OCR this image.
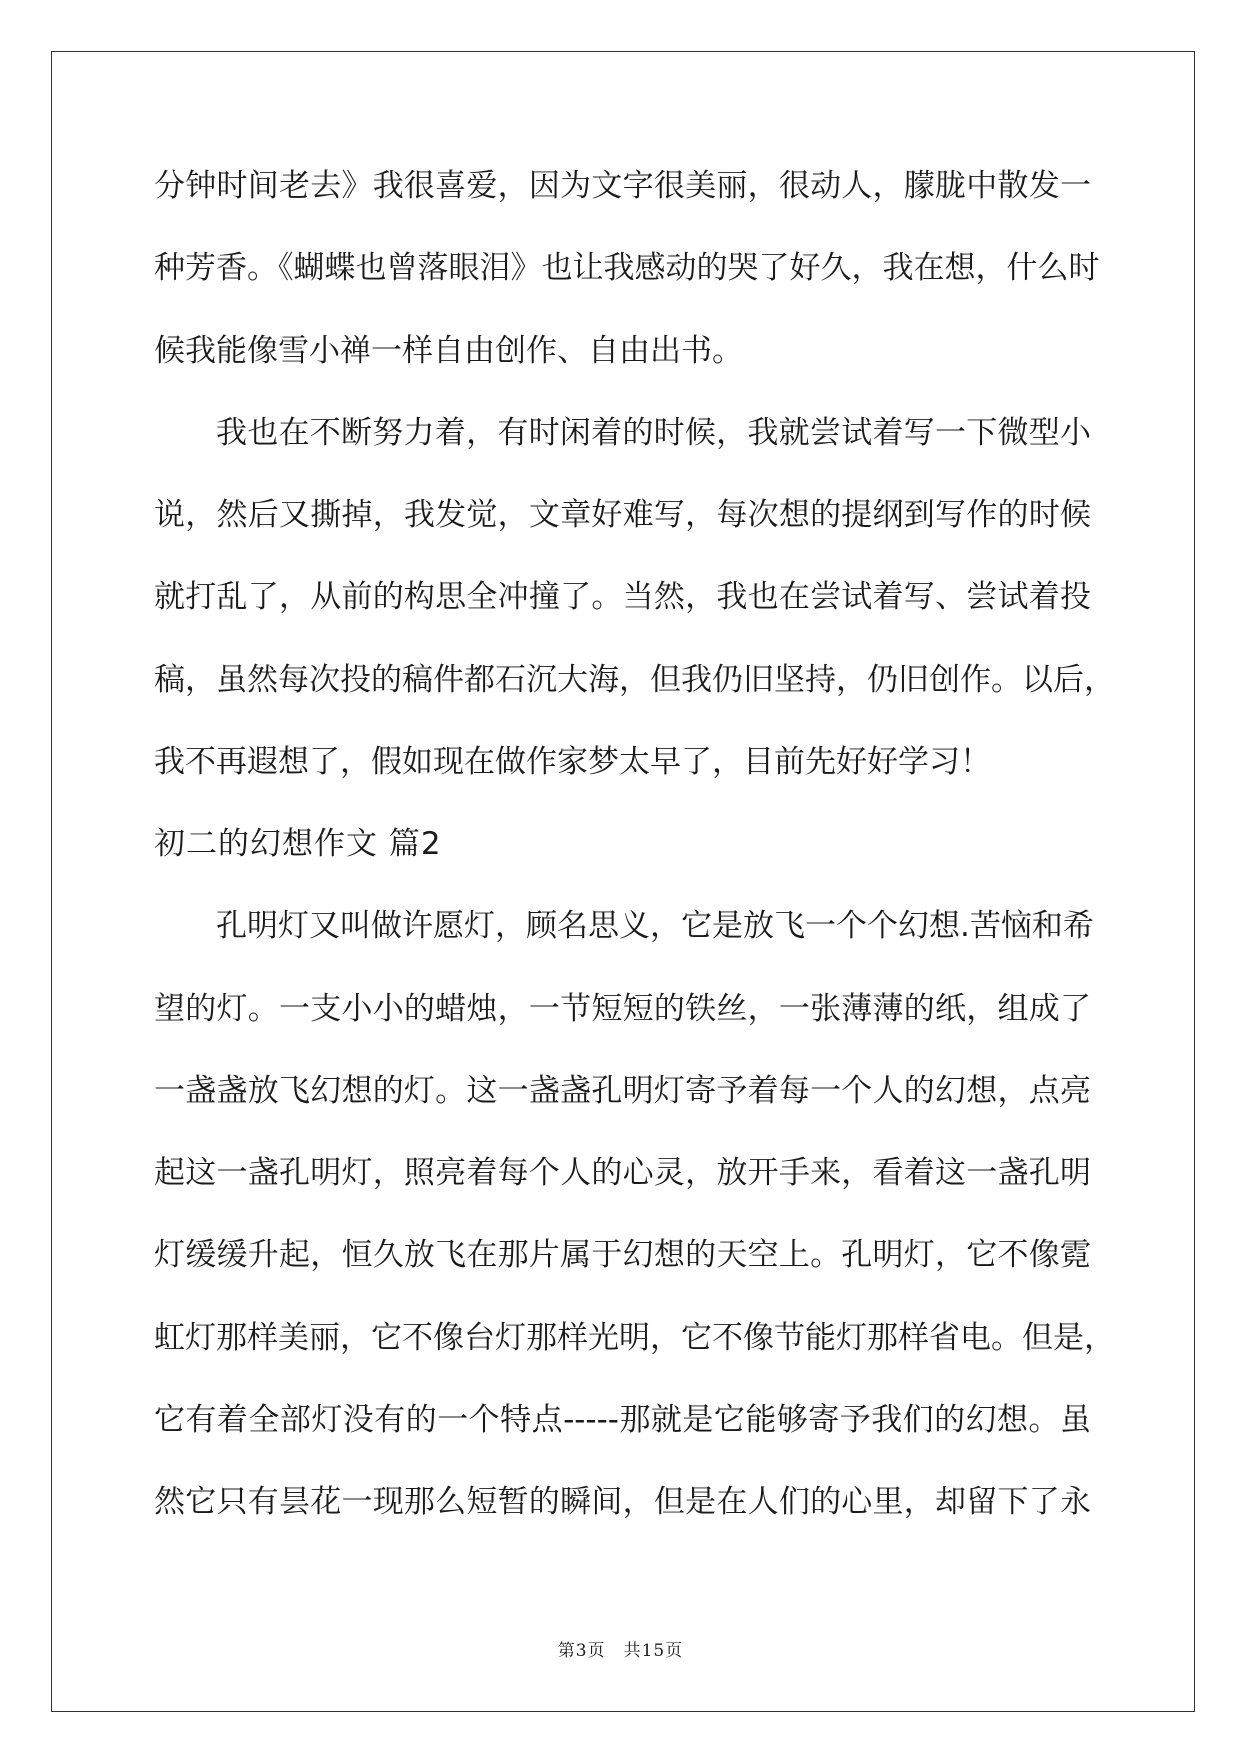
分钟时间老去》我很喜爱，因为文字很美丽，很动人，朦胧中散发一
种芳香。《蝴蝶也曾落眼泪》也让我感动的哭了好久，我在想，什么时
候我能像雪小禅一样自由创作、自由出书。
我也在不断努力着，有时闲着的时候，我就尝试着写一下微型小
说，然后又撕掉，我发觉，文章好难写，每次想的提纲到写作的时候
就打乱了，从前的构思全冲撞了。当然，我也在尝试着写、尝试着投
稿，虽然每次投的稿件都石沉大海，但我仍旧坚持，仍旧创作。以后，
我不再遐想了，假如现在做作家梦太早了，目前先好好学习！
初二的幻想作文 篇2
孔明灯又叫做许愿灯，顾名思义，它是放飞一个个幻想.苦恼和希
望的灯。一支小小的蜡烛，一节短短的铁丝，一张薄薄的纸，组成了
一盏盏放飞幻想的灯。这一盏盏孔明灯寄予着每一个人的幻想，点亮
起这一盏孔明灯，照亮着每个人的心灵，放开手来，看着这一盏孔明
灯缓缓升起，恒久放飞在那片属于幻想的天空上。孔明灯，它不像霓
虹灯那样美丽，它不像台灯那样光明，它不像节能灯那样省电。但是，
它有着全部灯没有的一个特点-----那就是它能够寄予我们的幻想。虽
然它只有昙花一现那么短暂的瞬间，但是在人们的心里，却留下了永
第3页　共15页
